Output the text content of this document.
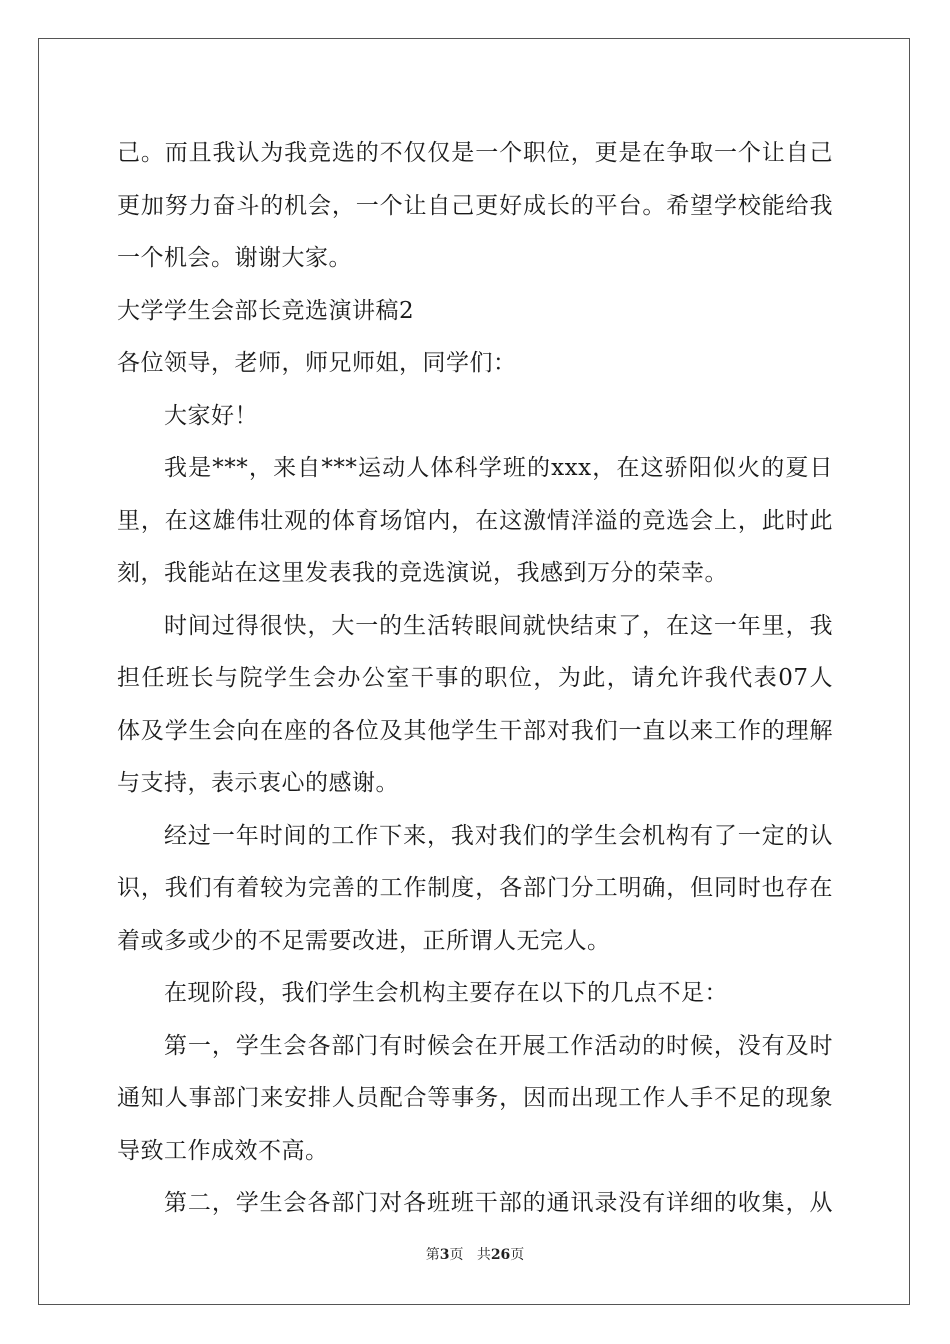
己。而且我认为我竞选的不仅仅是一个职位，更是在争取一个让自己
更加努力奋斗的机会，一个让自己更好成长的平台。希望学校能给我
一个机会。谢谢大家。
大学学生会部长竞选演讲稿2
各位领导，老师，师兄师姐，同学们：
大家好！
我是***，来自***运动人体科学班的xxx，在这骄阳似火的夏日
里，在这雄伟壮观的体育场馆内，在这激情洋溢的竞选会上，此时此
刻，我能站在这里发表我的竞选演说，我感到万分的荣幸。
时间过得很快，大一的生活转眼间就快结束了，在这一年里，我
担任班长与院学生会办公室干事的职位，为此，请允许我代表07人
体及学生会向在座的各位及其他学生干部对我们一直以来工作的理解
与支持，表示衷心的感谢。
经过一年时间的工作下来，我对我们的学生会机构有了一定的认
识，我们有着较为完善的工作制度，各部门分工明确，但同时也存在
着或多或少的不足需要改进，正所谓人无完人。
在现阶段，我们学生会机构主要存在以下的几点不足：
第一，学生会各部门有时候会在开展工作活动的时候，没有及时
通知人事部门来安排人员配合等事务，因而出现工作人手不足的现象
导致工作成效不高。
第二，学生会各部门对各班班干部的通讯录没有详细的收集，从
第3页 共26页
